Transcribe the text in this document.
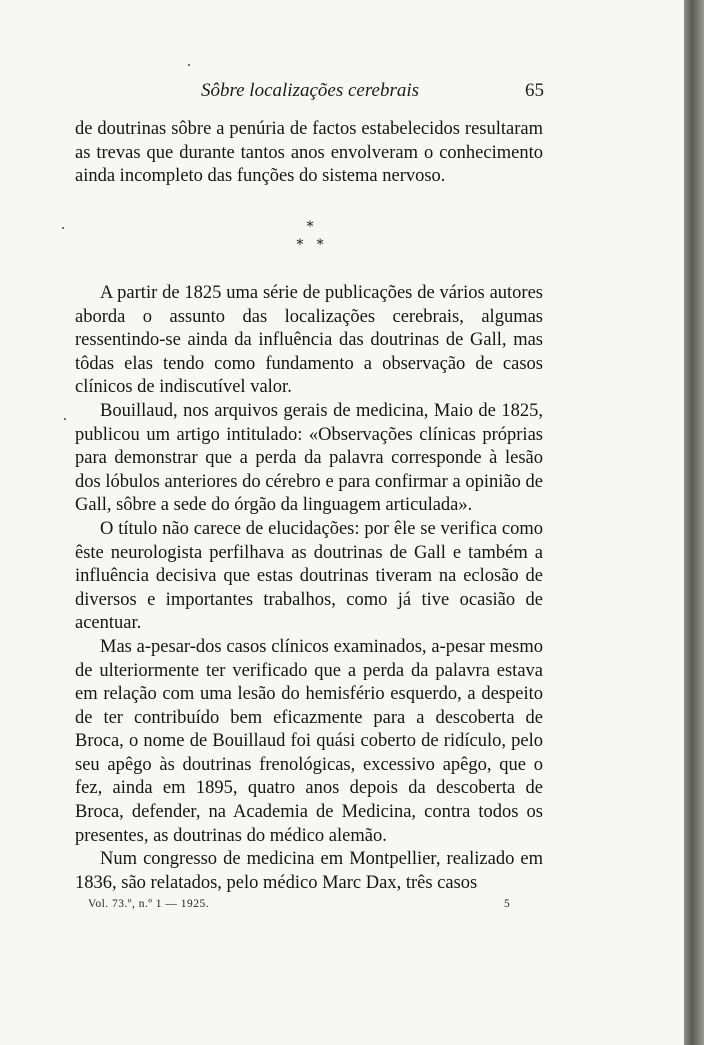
Sôbre localizações cerebrais	65

de doutrinas sôbre a penúria de factos estabelecidos resultaram as trevas que durante tantos anos envolveram o conhecimento ainda incompleto das funções do sistema nervoso.

*
*   *

A partir de 1825 uma série de publicações de vários autores aborda o assunto das localizações cerebrais, algumas ressentindo-se ainda da influência das doutrinas de Gall, mas tôdas elas tendo como fundamento a observação de casos clínicos de indiscutível valor.

Bouillaud, nos arquivos gerais de medicina, Maio de 1825, publicou um artigo intitulado: «Observações clínicas próprias para demonstrar que a perda da palavra corresponde à lesão dos lóbulos anteriores do cérebro e para confirmar a opinião de Gall, sôbre a sede do órgão da linguagem articulada».

O título não carece de elucidações: por êle se verifica como êste neurologista perfilhava as doutrinas de Gall e também a influência decisiva que estas doutrinas tiveram na eclosão de diversos e importantes trabalhos, como já tive ocasião de acentuar.

Mas a-pesar-dos casos clínicos examinados, a-pesar mesmo de ulteriormente ter verificado que a perda da palavra estava em relação com uma lesão do hemisfério esquerdo, a despeito de ter contribuído bem eficazmente para a descoberta de Broca, o nome de Bouillaud foi quási coberto de ridículo, pelo seu apêgo às doutrinas frenológicas, excessivo apêgo, que o fez, ainda em 1895, quatro anos depois da descoberta de Broca, defender, na Academia de Medicina, contra todos os presentes, as doutrinas do médico alemão.

Num congresso de medicina em Montpellier, realizado em 1836, são relatados, pelo médico Marc Dax, três casos

Vol. 73.º, n.º 1 — 1925.	5
